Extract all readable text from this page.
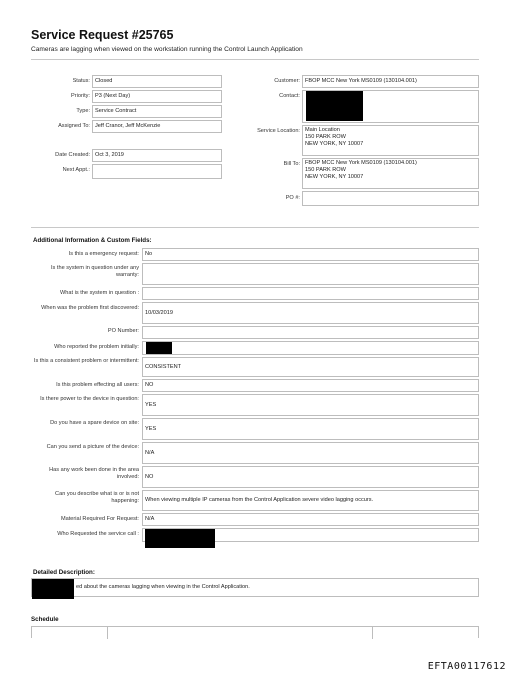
Service Request #25765
Cameras are lagging when viewed on the workstation running the Control Launch Application
Status: Closed
Priority: P3 (Next Day)
Type: Service Contract
Assigned To: Jeff Cranor, Jeff McKenzie
Date Created: Oct 3, 2019
Next Appt.:
Customer: FBOP MCC New York MS0109 (130104.001)
Contact:
Service Location: Main Location
150 PARK ROW
NEW YORK, NY 10007
Bill To: FBOP MCC New York MS0109 (130104.001)
150 PARK ROW
NEW YORK, NY 10007
PO #:
Additional Information & Custom Fields:
Is this a emergency request:	No
Is the system in question under any warranty:
What is the system in question :
When was the problem first discovered:
10/03/2019
PO Number:
Who reported the problem initially:
Is this a consistent problem or intermittent:
CONSISTENT
Is this problem effecting all users:	NO
Is there power to the device in question:
YES
Do you have a spare device on site:
YES
Can you send a picture of the device:
N/A
Has any work been done in the area involved:	NO
Can you describe what is or is not happening:	When viewing multiple IP cameras from the Control Application severe video lagging occurs.
Material Required For Request:	N/A
Who Requested the service call :
Detailed Description:
ed about the cameras lagging when viewing in the Control Application.
Schedule
EFTA00117612
